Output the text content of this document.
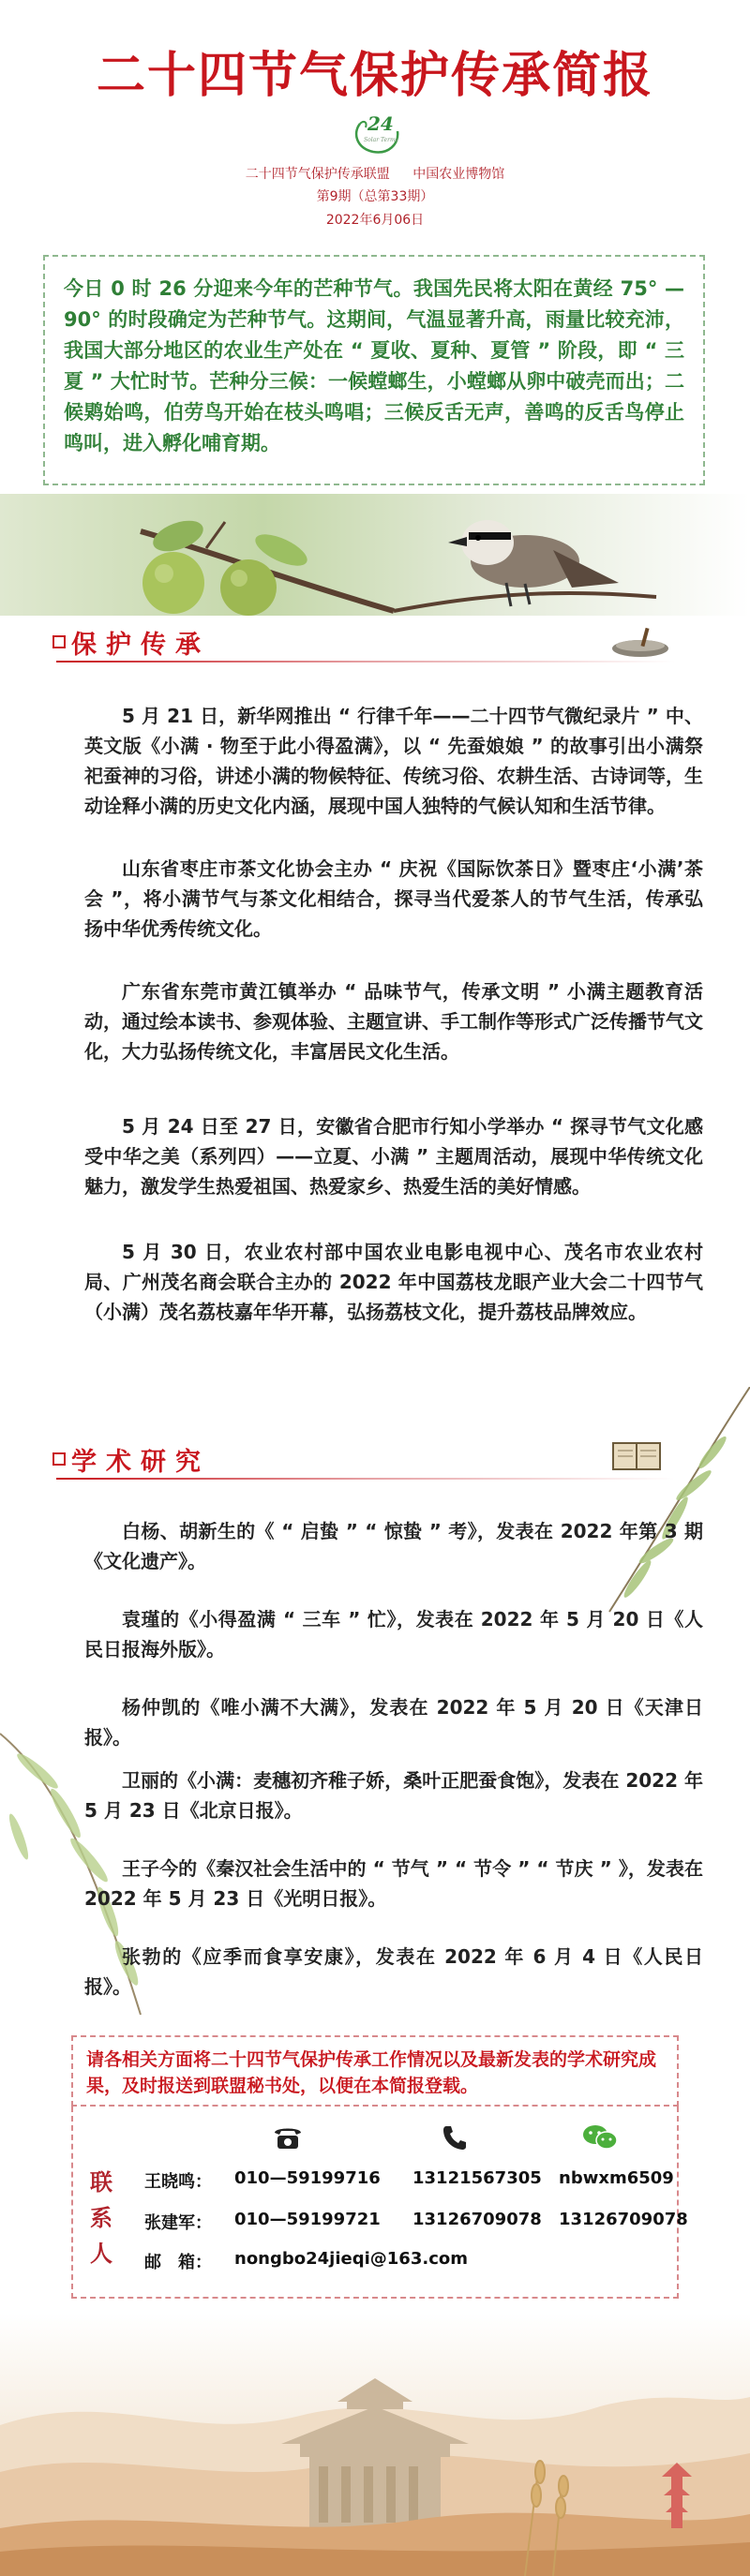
二十四节气保护传承简报
24
Solar Terms
二十四节气保护传承联盟 中国农业博物馆
第9期（总第33期）
2022年6月06日
今日 0 时 26 分迎来今年的芒种节气。我国先民将太阳在黄经 75° —90° 的时段确定为芒种节气。这期间，气温显著升高，雨量比较充沛，我国大部分地区的农业生产处在 “ 夏收、夏种、夏管 ” 阶段，即 “ 三夏 ” 大忙时节。芒种分三候：一候螳螂生，小螳螂从卵中破壳而出；二候䴗始鸣，伯劳鸟开始在枝头鸣唱；三候反舌无声，善鸣的反舌鸟停止鸣叫，进入孵化哺育期。
保护传承

5 月 21 日，新华网推出 “ 行律千年——二十四节气微纪录片 ” 中、英文版《小满 · 物至于此小得盈满》，以 “ 先蚕娘娘 ” 的故事引出小满祭祀蚕神的习俗，讲述小满的物候特征、传统习俗、农耕生活、古诗词等，生动诠释小满的历史文化内涵，展现中国人独特的气候认知和生活节律。

山东省枣庄市茶文化协会主办 “ 庆祝《国际饮茶日》暨枣庄‘小满’茶会 ”，将小满节气与茶文化相结合，探寻当代爱茶人的节气生活，传承弘扬中华优秀传统文化。

广东省东莞市黄江镇举办 “ 品味节气，传承文明 ” 小满主题教育活动，通过绘本读书、参观体验、主题宣讲、手工制作等形式广泛传播节气文化，大力弘扬传统文化，丰富居民文化生活。

5 月 24 日至 27 日，安徽省合肥市行知小学举办 “ 探寻节气文化感受中华之美（系列四）——立夏、小满 ” 主题周活动，展现中华传统文化魅力，激发学生热爱祖国、热爱家乡、热爱生活的美好情感。

5 月 30 日，农业农村部中国农业电影电视中心、茂名市农业农村局、广州茂名商会联合主办的 2022 年中国荔枝龙眼产业大会二十四节气（小满）茂名荔枝嘉年华开幕，弘扬荔枝文化，提升荔枝品牌效应。

学术研究

白杨、胡新生的《 “ 启蛰 ” “ 惊蛰 ” 考》，发表在 2022 年第 3 期《文化遗产》。

袁瑾的《小得盈满 “ 三车 ” 忙》，发表在 2022 年 5 月 20 日《人民日报海外版》。

杨仲凯的《唯小满不大满》，发表在 2022 年 5 月 20 日《天津日报》。

卫丽的《小满：麦穗初齐稚子娇，桑叶正肥蚕食饱》，发表在 2022 年 5 月 23 日《北京日报》。

王子今的《秦汉社会生活中的 “ 节气 ” “ 节令 ” “ 节庆 ” 》，发表在 2022 年 5 月 23 日《光明日报》。

张勃的《应季而食享安康》，发表在 2022 年 6 月 4 日《人民日报》。

请各相关方面将二十四节气保护传承工作情况以及最新发表的学术研究成果，及时报送到联盟秘书处，以便在本简报登载。
联系人
王晓鸣： 010—59199716 13121567305 nbwxm6509
张建军： 010—59199721 13126709078 13126709078
邮　箱： nongbo24jieqi@163.com
